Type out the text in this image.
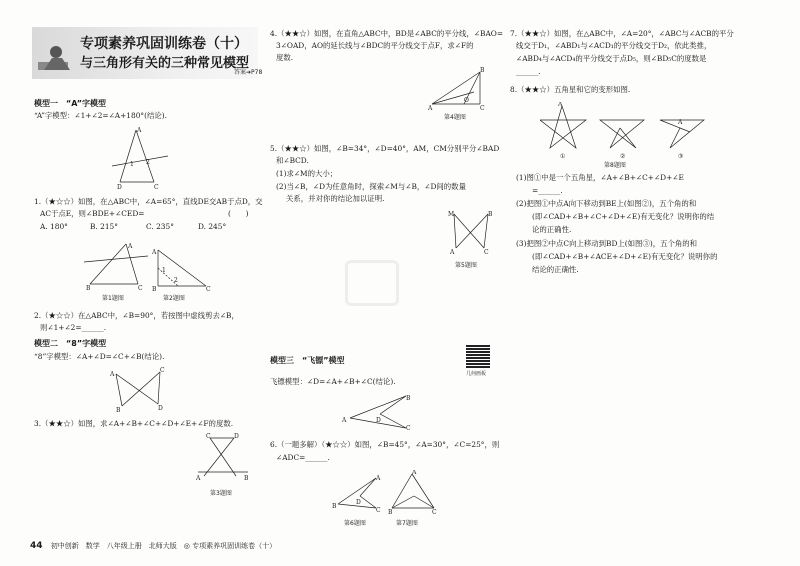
专项素养巩固训练卷（十）
与三角形有关的三种常见模型
答案➔P78
模型一　“A”字模型
“A”字模型：∠1+∠2=∠A+180°(结论).
A
D	C
1 2
1.（★☆☆）如图，在△ABC中，∠A=65°，直线DE交AB于点D，交
AC于点E，则∠BDE+∠CED=	(　　)
A. 180°	B. 215°	C. 235°	D. 245°
A
B	C
A
B	C
1
2
第1题图	第2题图
2.（★☆☆）在△ABC中，∠B=90°，若按图中虚线剪去∠B，
则∠1+∠2=______.
模型二　“8”字模型
“8”字模型：∠A+∠D=∠C+∠B(结论).
A
B
C
D
3.（★★☆）如图，求∠A+∠B+∠C+∠D+∠E+∠F的度数.
C	D
A	B
第3题图
4.（★★☆）如图，在直角△ABC中，BD是∠ABC的平分线，∠BAO=
3∠OAD，AO的延长线与∠BDC的平分线交于点F，求∠F的
度数.
A
B
C
O
第4题图
5.（★★☆）如图，∠B=34°，∠D=40°，AM，CM分别平分∠BAD
和∠BCD.
(1)求∠M的大小；
(2)当∠B，∠D为任意角时，探索∠M与∠B，∠D间的数量
关系，并对你的结论加以证明.
M	B
A	C
第5题图
模型三　“飞镖”模型
几何画板
飞镖模型：∠D=∠A+∠B+∠C(结论).
A
B
D
C
6.（一题多解）（★☆☆）如图，∠B=45°，∠A=30°，∠C=25°，则
∠ADC=______.
B
A
D
C
A
B	C
第6题图	第7题图
7.（★★☆）如图，在△ABC中，∠A=20°，∠ABC与∠ACB的平分
线交于D₁，∠ABD₁与∠ACD₁的平分线交于D₂，依此类推，
∠ABD₄与∠ACD₄的平分线交于点D₅，则∠BD₅C的度数是
______.
8.（★★☆）五角星和它的变形如图.
A
A
①	②	③
第8题图
(1)图①中是一个五角星，∠A+∠B+∠C+∠D+∠E
=______.
(2)把图①中点A向下移动到BE上(如图②)，五个角的和
(即∠CAD+∠B+∠C+∠D+∠E)有无变化？说明你的结
论的正确性.
(3)把图②中点C向上移动到BD上(如图③)，五个角的和
(即∠CAD+∠B+∠ACE+∠D+∠E)有无变化？说明你的
结论的正确性.
44 初中创新　数学　八年级上册　北师大版　◎ 专项素养巩固训练卷（十）
